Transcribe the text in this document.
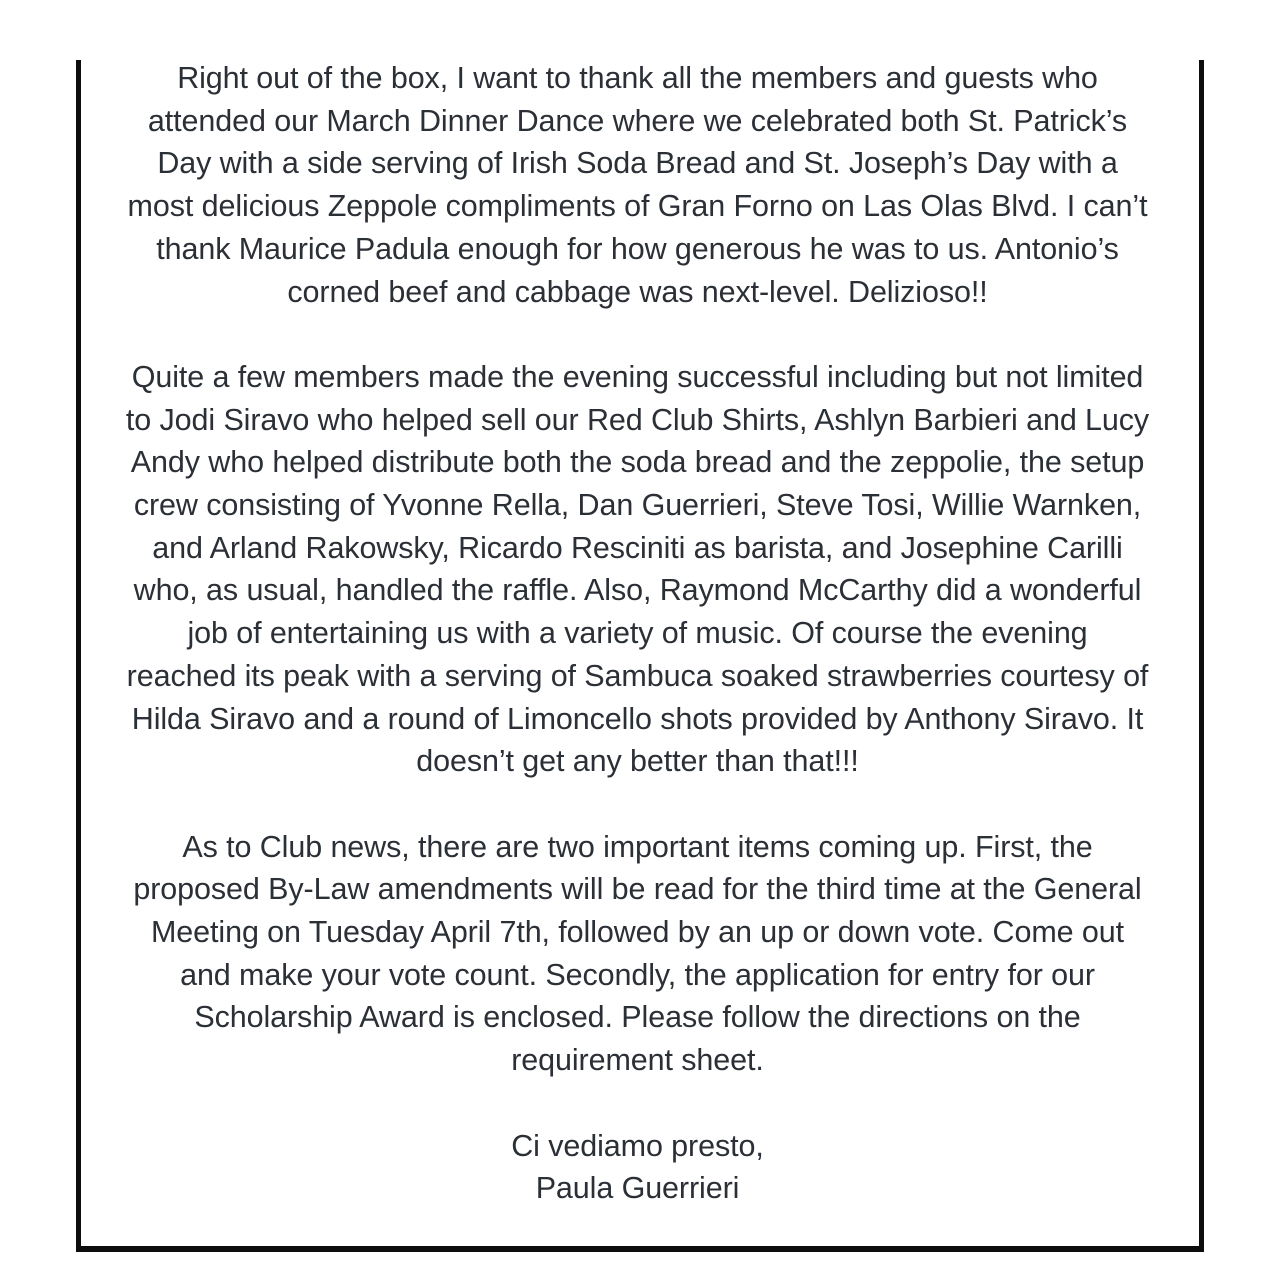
Right out of the box, I want to thank all the members and guests who
attended our March Dinner Dance where we celebrated both St. Patrick’s
Day with a side serving of Irish Soda Bread and St. Joseph’s Day with a
most delicious Zeppole compliments of Gran Forno on Las Olas Blvd. I can’t
thank Maurice Padula enough for how generous he was to us. Antonio’s
corned beef and cabbage was next-level. Delizioso!!
Quite a few members made the evening successful including but not limited
to Jodi Siravo who helped sell our Red Club Shirts, Ashlyn Barbieri and Lucy
Andy who helped distribute both the soda bread and the zeppolie, the setup
crew consisting of Yvonne Rella, Dan Guerrieri, Steve Tosi, Willie Warnken,
and Arland Rakowsky, Ricardo Resciniti as barista, and Josephine Carilli
who, as usual, handled the raffle. Also, Raymond McCarthy did a wonderful
job of entertaining us with a variety of music. Of course the evening
reached its peak with a serving of Sambuca soaked strawberries courtesy of
Hilda Siravo and a round of Limoncello shots provided by Anthony Siravo. It
doesn’t get any better than that!!!
As to Club news, there are two important items coming up. First, the
proposed By-Law amendments will be read for the third time at the General
Meeting on Tuesday April 7th, followed by an up or down vote. Come out
and make your vote count. Secondly, the application for entry for our
Scholarship Award is enclosed. Please follow the directions on the
requirement sheet.
Ci vediamo presto,
Paula Guerrieri
